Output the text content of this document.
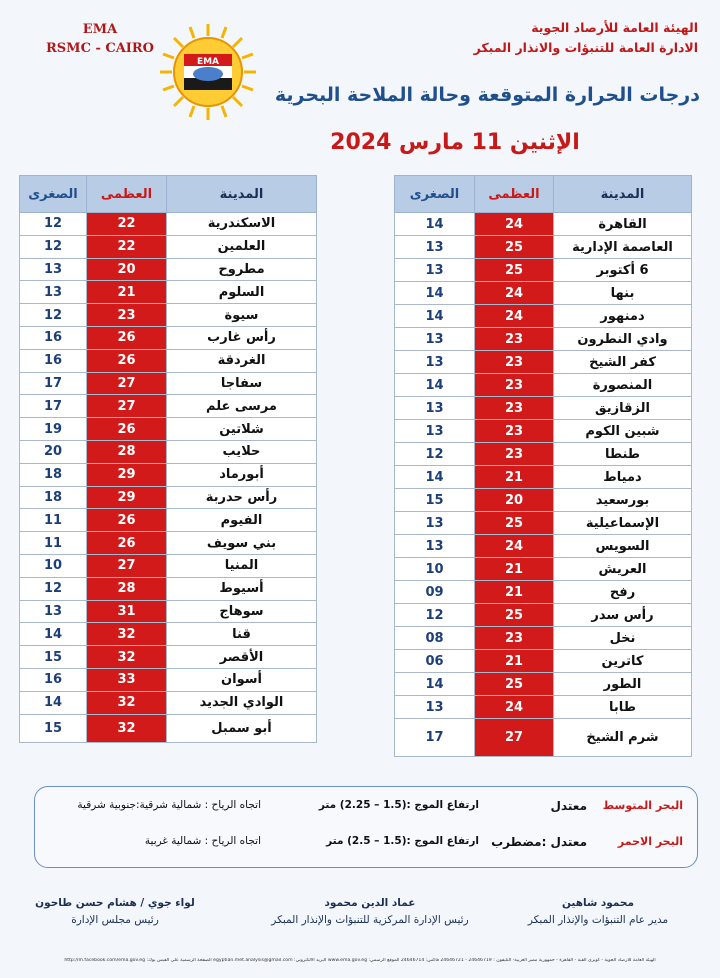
EMA
RSMC - CAIRO
EMA
الهيئة العامة للأرصاد الجوية
الادارة العامة للتنبؤات والانذار المبكر
درجات الحرارة المتوقعة وحالة الملاحة البحرية
الإثنين 11 مارس 2024
المدينة	العظمى	الصغرى
القاهرة	24	14
العاصمة الإدارية	25	13
6 أكتوبر	25	13
بنها	24	14
دمنهور	24	14
وادي النطرون	23	13
كفر الشيخ	23	13
المنصورة	23	14
الزقازيق	23	13
شبين الكوم	23	13
طنطا	23	12
دمياط	21	14
بورسعيد	20	15
الإسماعيلية	25	13
السويس	24	13
العريش	21	10
رفح	21	09
رأس سدر	25	12
نخل	23	08
كاترين	21	06
الطور	25	14
طابا	24	13
شرم الشيخ	27	17
المدينة	العظمى	الصغرى
الاسكندرية	22	12
العلمين	22	12
مطروح	20	13
السلوم	21	13
سيوة	23	12
رأس غارب	26	16
الغردقة	26	16
سفاجا	27	17
مرسى علم	27	17
شلاتين	26	19
حلايب	28	20
أبورماد	29	18
رأس حدربة	29	18
الفيوم	26	11
بني سويف	26	11
المنيا	27	10
أسيوط	28	12
سوهاج	31	13
قنا	32	14
الأقصر	32	15
أسوان	33	16
الوادي الجديد	32	14
أبو سمبل	32	15
البحر المتوسط
معتدل
ارتفاع الموج :(1.5 – 2.25) متر
اتجاه الرياح : شمالية شرقية:جنوبية شرقية
البحر الاحمر
معتدل :مضطرب
ارتفاع الموج :(1.5 – 2.5) متر
اتجاه الرياح : شمالية غربية
محمود شاهين
مدير عام التنبؤات والإنذار المبكر
عماد الدين محمود
رئيس الإدارة المركزية للتنبؤات والإنذار المبكر
لواء جوي / هشام حسن طاحون
رئيس مجلس الإدارة
الهيئة العامة للأرصاد الجوية - كوبري القبة - القاهرة - جمهورية مصر العربية- التليفون : 24646719 - 24646721 فاكس: 24646714 الموقع الرسمي: www.ema.gov.eg البريد الالكتروني: egyptian.met.analysis@gmail.com الصفحة الرسمية على الفيس بوك: http://m.facebook.com/ema.gov.eg
